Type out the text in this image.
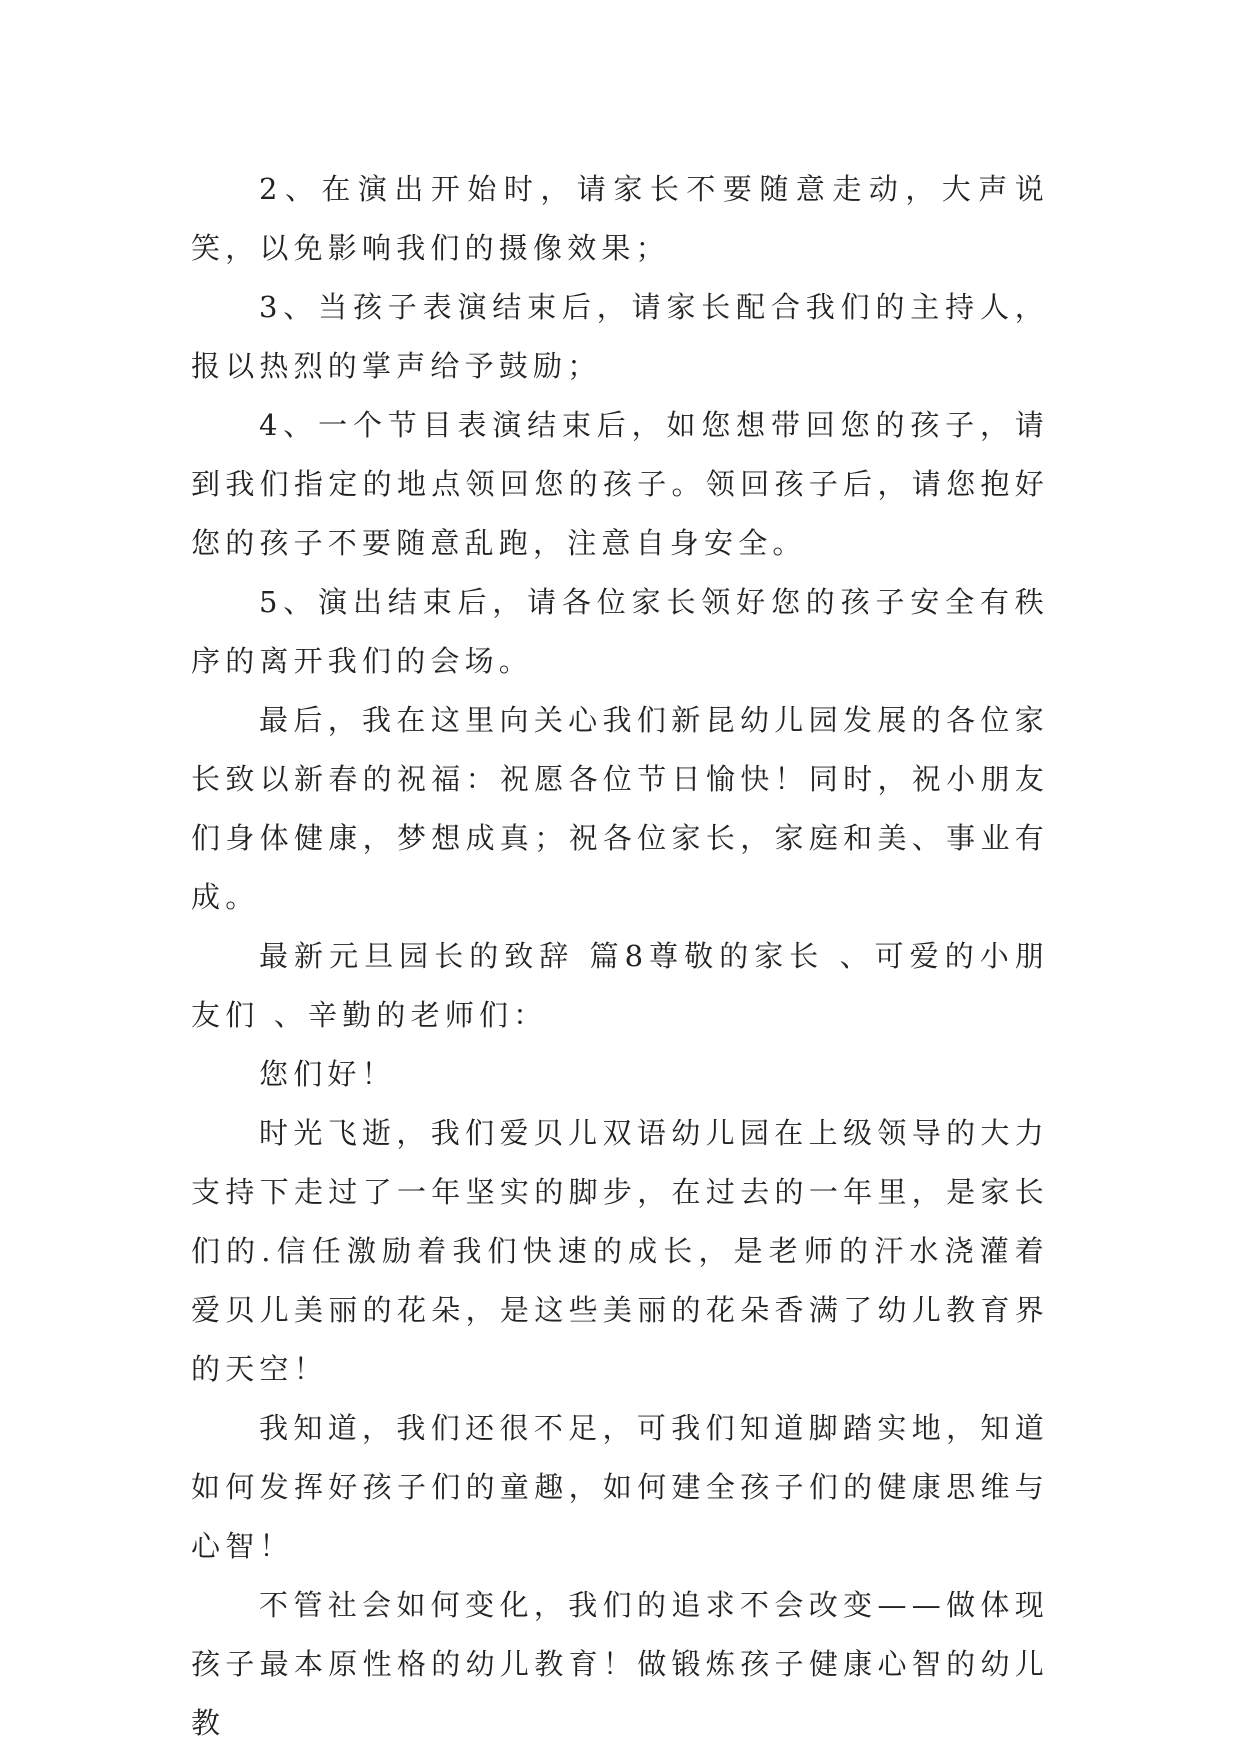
2、在演出开始时，请家长不要随意走动，大声说笑，以免影响我们的摄像效果；

3、当孩子表演结束后，请家长配合我们的主持人，报以热烈的掌声给予鼓励；

4、一个节目表演结束后，如您想带回您的孩子，请到我们指定的地点领回您的孩子。领回孩子后，请您抱好您的孩子不要随意乱跑，注意自身安全。

5、演出结束后，请各位家长领好您的孩子安全有秩序的离开我们的会场。

最后，我在这里向关心我们新昆幼儿园发展的各位家长致以新春的祝福：祝愿各位节日愉快！同时，祝小朋友们身体健康，梦想成真；祝各位家长，家庭和美、事业有成。

最新元旦园长的致辞 篇8尊敬的家长 、可爱的小朋友们 、辛勤的老师们：

您们好！

时光飞逝，我们爱贝儿双语幼儿园在上级领导的大力支持下走过了一年坚实的脚步，在过去的一年里，是家长们的.信任激励着我们快速的成长，是老师的汗水浇灌着爱贝儿美丽的花朵，是这些美丽的花朵香满了幼儿教育界的天空！

我知道，我们还很不足，可我们知道脚踏实地，知道如何发挥好孩子们的童趣，如何建全孩子们的健康思维与心智！

不管社会如何变化，我们的追求不会改变——做体现孩子最本原性格的幼儿教育！做锻炼孩子健康心智的幼儿教
